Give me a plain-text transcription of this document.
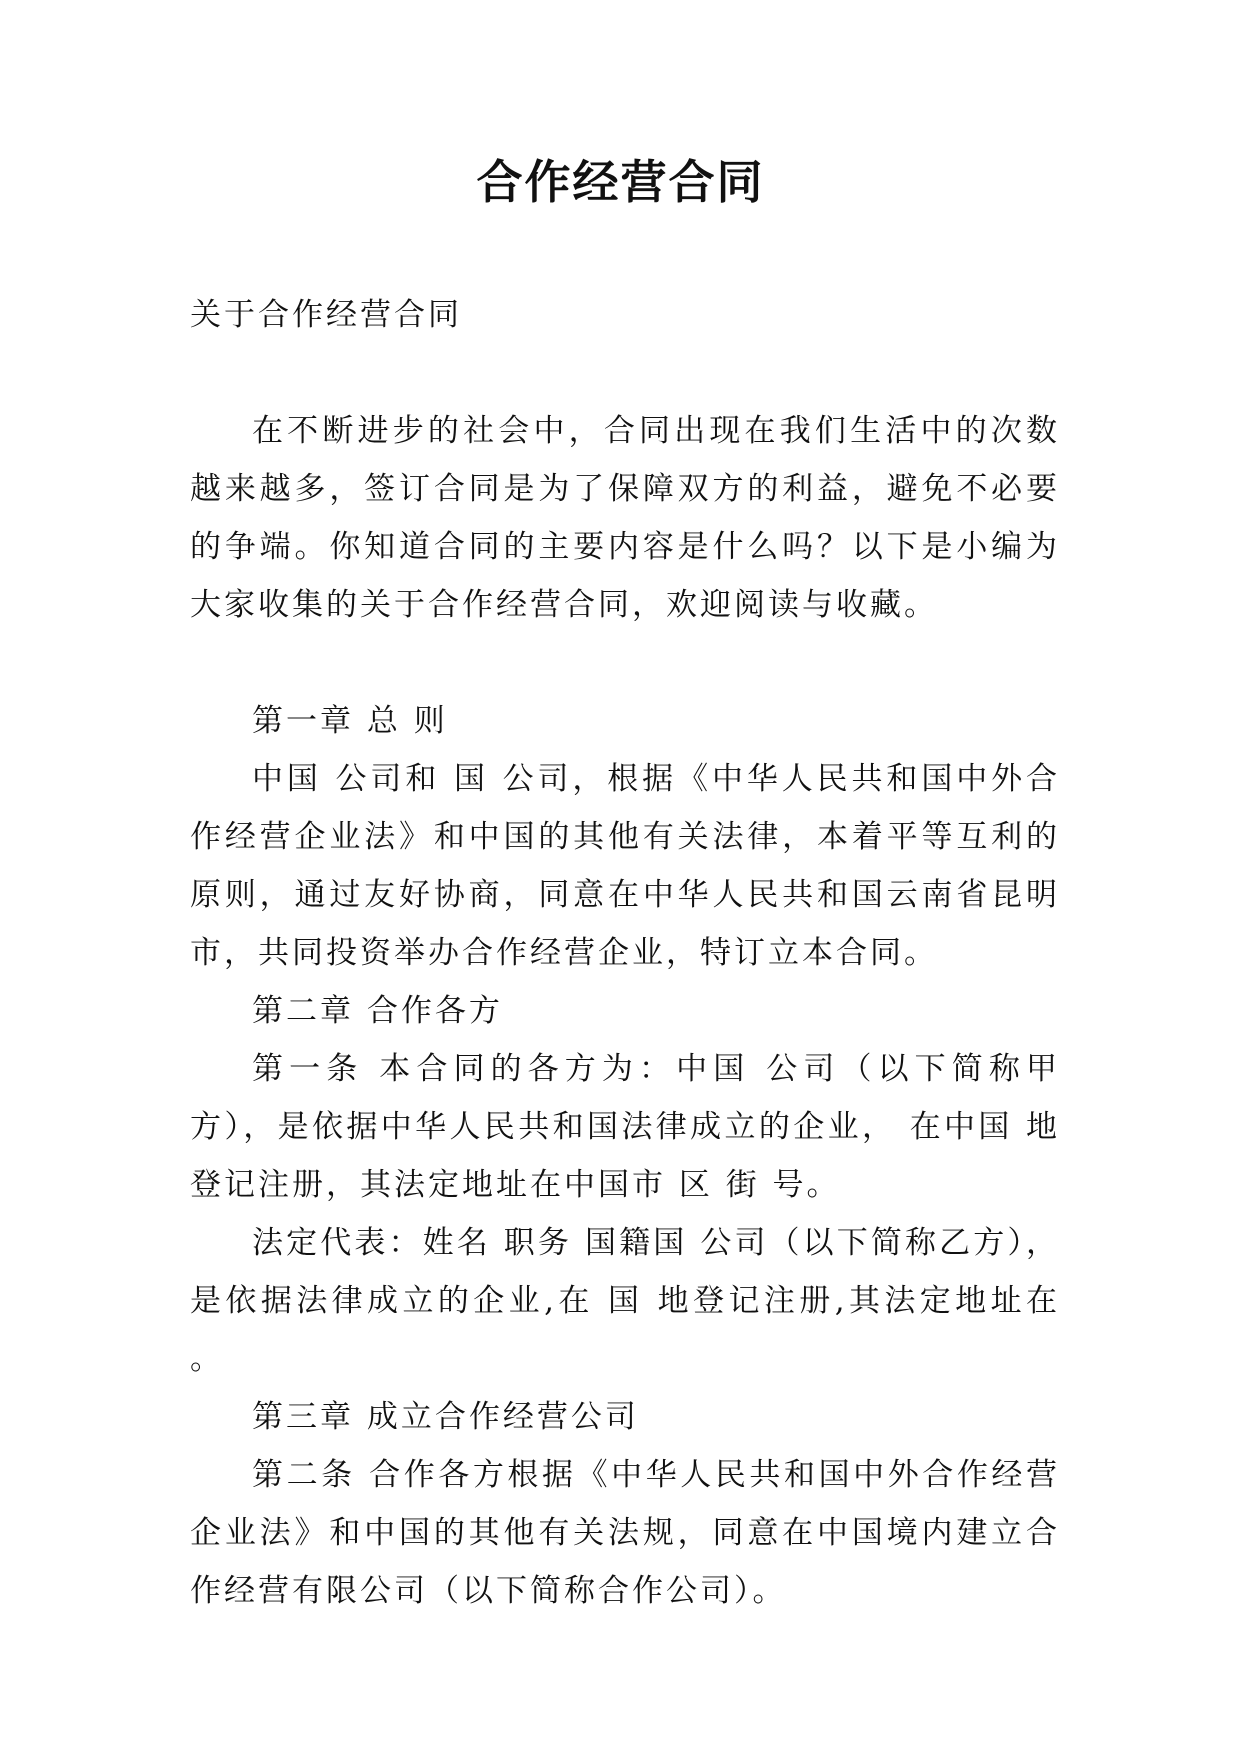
合作经营合同

关于合作经营合同

在不断进步的社会中，合同出现在我们生活中的次数越来越多，签订合同是为了保障双方的利益，避免不必要的争端。你知道合同的主要内容是什么吗？以下是小编为大家收集的关于合作经营合同，欢迎阅读与收藏。

第一章 总 则

中国 公司和 国 公司，根据《中华人民共和国中外合作经营企业法》和中国的其他有关法律，本着平等互利的原则，通过友好协商，同意在中华人民共和国云南省昆明市，共同投资举办合作经营企业，特订立本合同。

第二章 合作各方

第一条 本合同的各方为：中国 公司（以下简称甲方），是依据中华人民共和国法律成立的企业， 在中国 地登记注册，其法定地址在中国市 区 街 号。

法定代表：姓名 职务 国籍国 公司（以下简称乙方），是依据法律成立的企业,在 国 地登记注册,其法定地址在 。

第三章 成立合作经营公司

第二条 合作各方根据《中华人民共和国中外合作经营企业法》和中国的其他有关法规，同意在中国境内建立合作经营有限公司（以下简称合作公司）。
